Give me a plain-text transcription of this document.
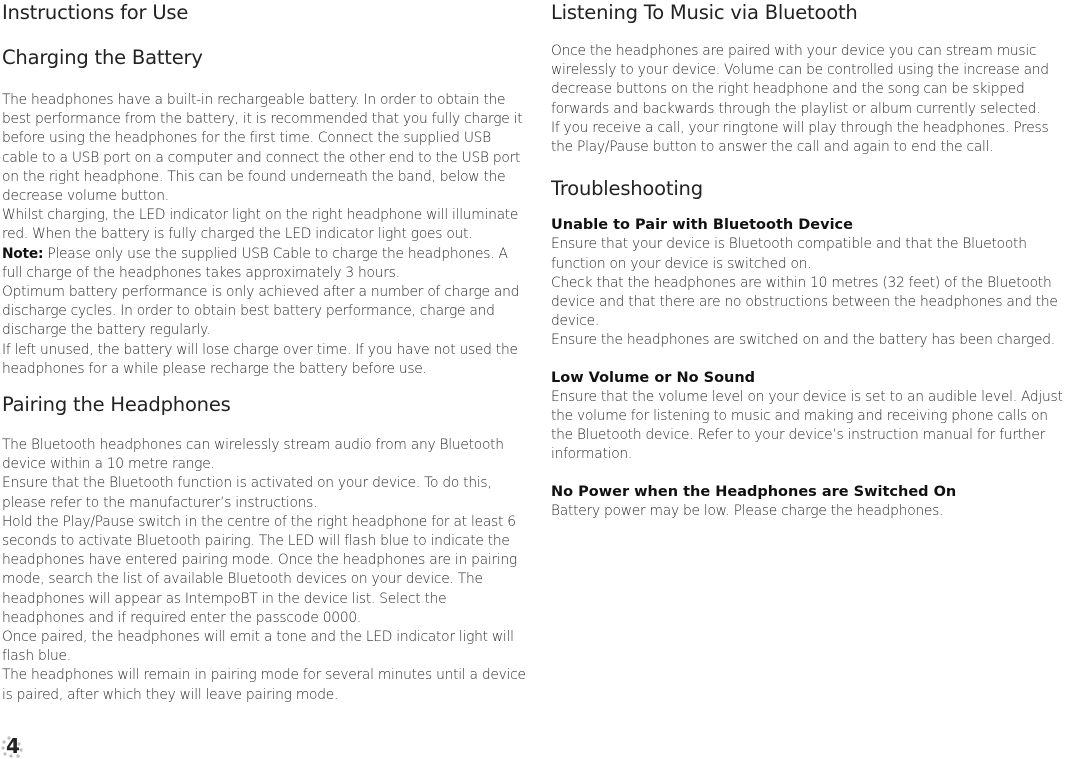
Instructions for Use
Charging the Battery

The headphones have a built-in rechargeable battery. In order to obtain the best performance from the battery, it is recommended that you fully charge it before using the headphones for the first time. Connect the supplied USB cable to a USB port on a computer and connect the other end to the USB port on the right headphone. This can be found underneath the band, below the decrease volume button.

Whilst charging, the LED indicator light on the right headphone will illuminate red. When the battery is fully charged the LED indicator light goes out.

Note: Please only use the supplied USB Cable to charge the headphones. A full charge of the headphones takes approximately 3 hours.

Optimum battery performance is only achieved after a number of charge and discharge cycles. In order to obtain best battery performance, charge and discharge the battery regularly.

If left unused, the battery will lose charge over time. If you have not used the headphones for a while please recharge the battery before use.

Pairing the Headphones

The Bluetooth headphones can wirelessly stream audio from any Bluetooth device within a 10 metre range.

Ensure that the Bluetooth function is activated on your device. To do this, please refer to the manufacturer’s instructions.

Hold the Play/Pause switch in the centre of the right headphone for at least 6 seconds to activate Bluetooth pairing. The LED will flash blue to indicate the headphones have entered pairing mode. Once the headphones are in pairing mode, search the list of available Bluetooth devices on your device. The headphones will appear as IntempoBT in the device list. Select the headphones and if required enter the passcode 0000.

Once paired, the headphones will emit a tone and the LED indicator light will flash blue.

The headphones will remain in pairing mode for several minutes until a device is paired, after which they will leave pairing mode.

4
Listening To Music via Bluetooth

Once the headphones are paired with your device you can stream music wirelessly to your device. Volume can be controlled using the increase and decrease buttons on the right headphone and the song can be skipped forwards and backwards through the playlist or album currently selected.

If you receive a call, your ringtone will play through the headphones. Press the Play/Pause button to answer the call and again to end the call.

Troubleshooting
Unable to Pair with Bluetooth Device

Ensure that your device is Bluetooth compatible and that the Bluetooth function on your device is switched on.

Check that the headphones are within 10 metres (32 feet) of the Bluetooth device and that there are no obstructions between the headphones and the device.

Ensure the headphones are switched on and the battery has been charged.

Low Volume or No Sound

Ensure that the volume level on your device is set to an audible level. Adjust the volume for listening to music and making and receiving phone calls on the Bluetooth device. Refer to your device’s instruction manual for further information.

No Power when the Headphones are Switched On

Battery power may be low. Please charge the headphones.
